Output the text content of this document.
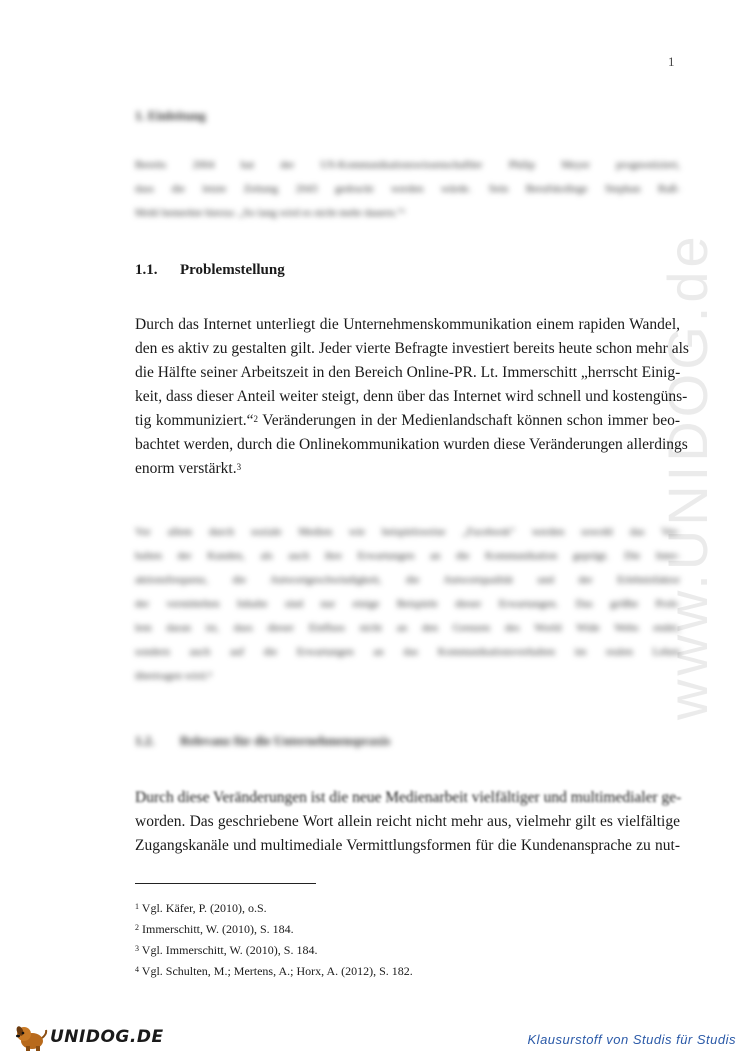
www.UNIDOG.de
1
1. Einleitung
Bereits 2004 hat der US-Kommunikationswissenschaftler Philip Meyer prognostiziert,
dass die letzte Zeitung 2043 gedruckt werden würde. Sein Berufskollege Stephan Ruß-
Mohl bemerkte hierzu: „So lang wird es nicht mehr dauern.“¹
1.1. Problemstellung
Durch das Internet unterliegt die Unternehmenskommunikation einem rapiden Wandel,
den es aktiv zu gestalten gilt. Jeder vierte Befragte investiert bereits heute schon mehr als
die Hälfte seiner Arbeitszeit in den Bereich Online-PR. Lt. Immerschitt „herrscht Einig-
keit, dass dieser Anteil weiter steigt, denn über das Internet wird schnell und kostengüns-
tig kommuniziert.“$^2$ Veränderungen in der Medienlandschaft können schon immer beo-
bachtet werden, durch die Onlinekommunikation wurden diese Veränderungen allerdings
enorm verstärkt.$^3$
Vor allem durch soziale Medien wie beispielsweise „Facebook“ werden sowohl das Ver-
halten der Kunden, als auch ihre Erwartungen an die Kommunikation geprägt. Die Inter-
aktionsfrequenz, die Antwortgeschwindigkeit, die Antwortqualität und der Erlebnisfaktor
der vermittelten Inhalte sind nur einige Beispiele dieser Erwartungen. Das größte Prob-
lem daran ist, dass dieser Einfluss nicht an den Grenzen des World Wide Webs endet,
sondern auch auf die Erwartungen an das Kommunikationsverhalten im realen Leben
übertragen wird.⁴
1.2. Relevanz für die Unternehmenspraxis
Durch diese Veränderungen ist die neue Medienarbeit vielfältiger und multimedialer ge-
worden. Das geschriebene Wort allein reicht nicht mehr aus, vielmehr gilt es vielfältige
Zugangskanäle und multimediale Vermittlungsformen für die Kundenansprache zu nut-
$^1$ Vgl. Käfer, P. (2010), o.S.
$^2$ Immerschitt, W. (2010), S. 184.
$^3$ Vgl. Immerschitt, W. (2010), S. 184.
$^4$ Vgl. Schulten, M.; Mertens, A.; Horx, A. (2012), S. 182.
UNIDOG.DE	Klausurstoff von Studis für Studis
